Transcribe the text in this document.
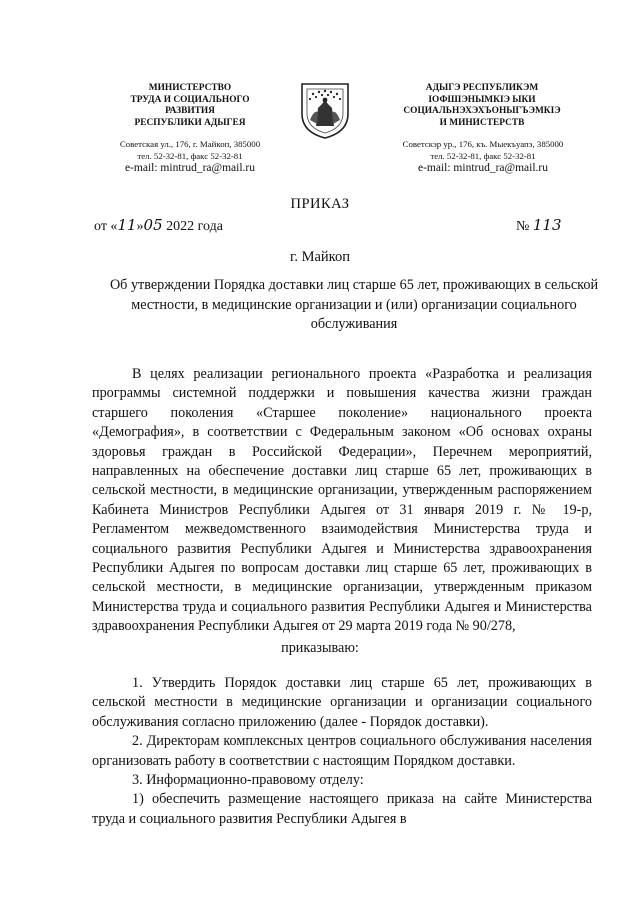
МИНИСТЕРСТВО
ТРУДА И СОЦИАЛЬНОГО
РАЗВИТИЯ
РЕСПУБЛИКИ АДЫГЕЯ
АДЫГЭ РЕСПУБЛИКЭМ
ІОФШІЭНЫМКІЭ ЫКИ
СОЦИАЛЬНЭХЭХЪОНЫГЪЭМКІЭ
И МИНИСТЕРСТВ
Советская ул., 176, г. Майкоп, 385000
тел. 52-32-81, факс 52-32-81
Советскэр ур., 176, къ. Мыекъуапэ, 385000
тел. 52-32-81, факс 52-32-81
e-mail: mintrud_ra@mail.ru	e-mail: mintrud_ra@mail.ru
ПРИКАЗ
от «11»05 2022 года	№ 113
г. Майкоп
Об утверждении Порядка доставки лиц старше 65 лет, проживающих в сельской местности, в медицинские организации и (или) организации социального обслуживания
В целях реализации регионального проекта «Разработка и реализация программы системной поддержки и повышения качества жизни граждан старшего поколения «Старшее поколение» национального проекта «Демография», в соответствии с Федеральным законом «Об основах охраны здоровья граждан в Российской Федерации», Перечнем мероприятий, направленных на обеспечение доставки лиц старше 65 лет, проживающих в сельской местности, в медицинские организации, утвержденным распоряжением Кабинета Министров Республики Адыгея от 31 января 2019 г. № 19-р, Регламентом межведомственного взаимодействия Министерства труда и социального развития Республики Адыгея и Министерства здравоохранения Республики Адыгея по вопросам доставки лиц старше 65 лет, проживающих в сельской местности, в медицинские организации, утвержденным приказом Министерства труда и социального развития Республики Адыгея и Министерства здравоохранения Республики Адыгея от 29 марта 2019 года № 90/278,
приказываю:

1. Утвердить Порядок доставки лиц старше 65 лет, проживающих в сельской местности в медицинские организации и организации социального обслуживания согласно приложению (далее - Порядок доставки).

2. Директорам комплексных центров социального обслуживания населения организовать работу в соответствии с настоящим Порядком доставки.

3. Информационно-правовому отделу:

1) обеспечить размещение настоящего приказа на сайте Министерства труда и социального развития Республики Адыгея в
